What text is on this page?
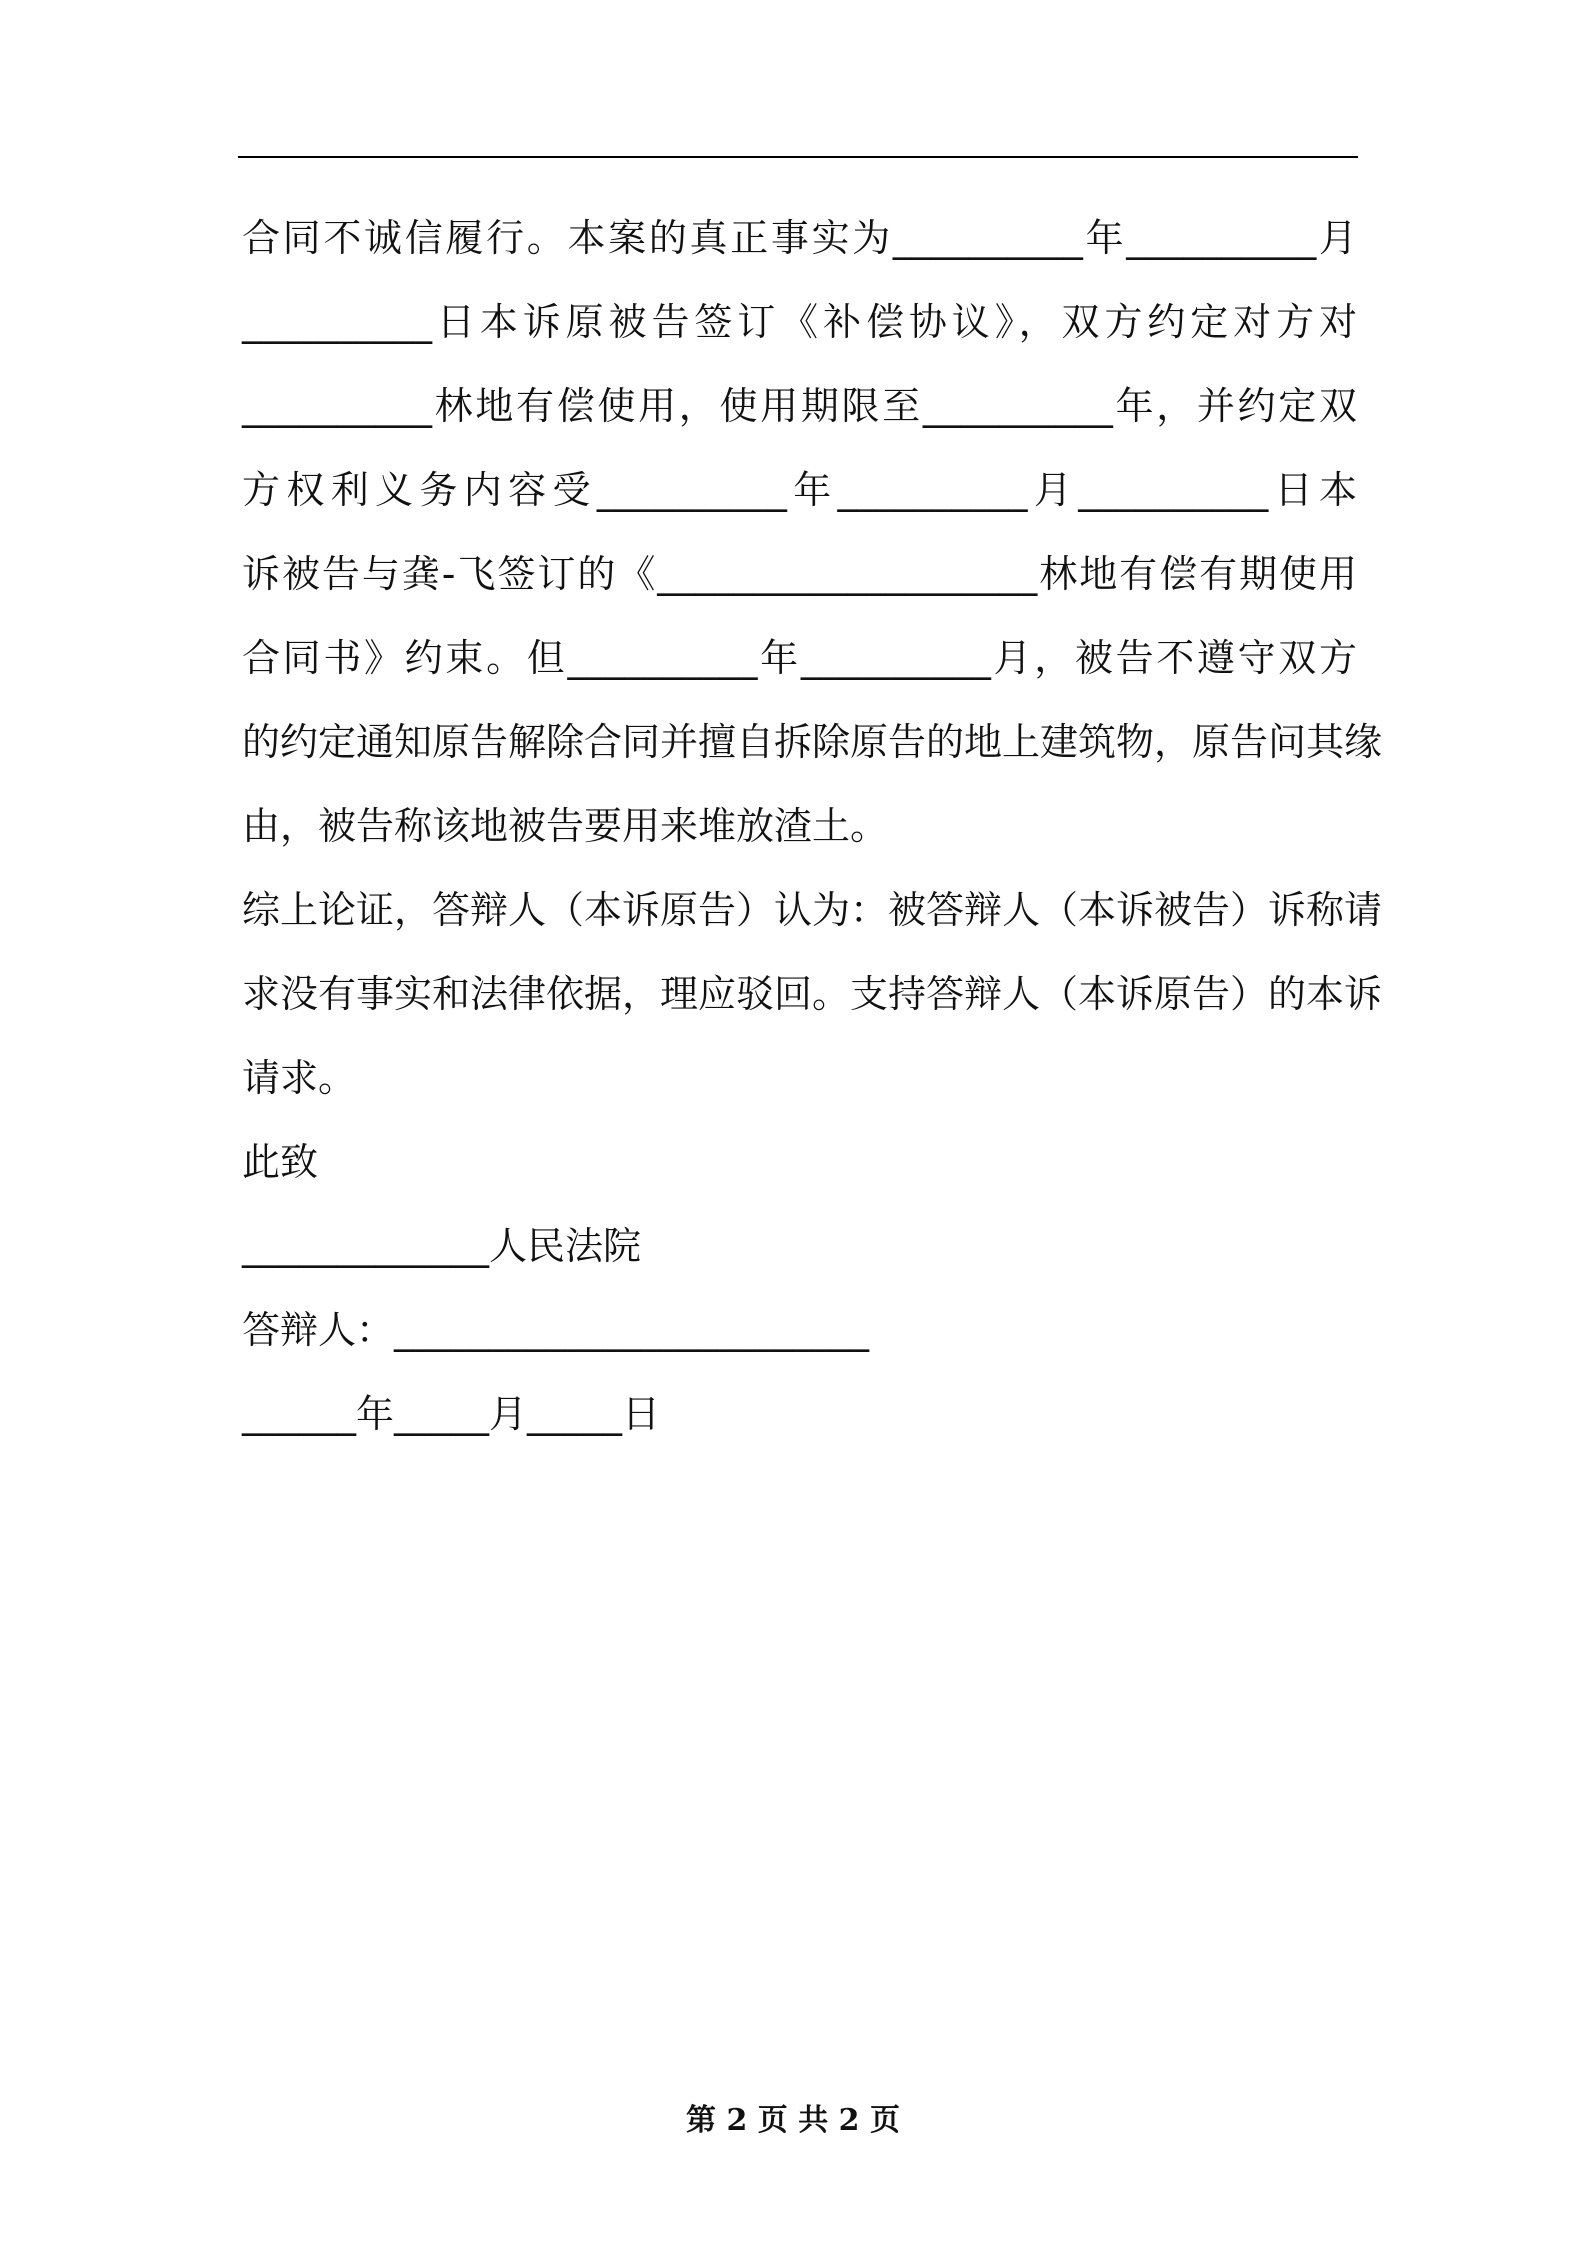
合同不诚信履行。本案的真正事实为__________年__________月
__________日本诉原被告签订《补偿协议》，双方约定对方对
__________林地有偿使用，使用期限至__________年，并约定双
方权利义务内容受__________年__________月__________日本
诉被告与龚-飞签订的《____________________林地有偿有期使用
合同书》约束。但__________年__________月，被告不遵守双方
的约定通知原告解除合同并擅自拆除原告的地上建筑物，原告问其缘
由，被告称该地被告要用来堆放渣土。
综上论证，答辩人（本诉原告）认为：被答辩人（本诉被告）诉称请
求没有事实和法律依据，理应驳回。支持答辩人（本诉原告）的本诉
请求。
此致
_____________人民法院
答辩人：_________________________
______年_____月_____日
第 2 页 共 2 页
